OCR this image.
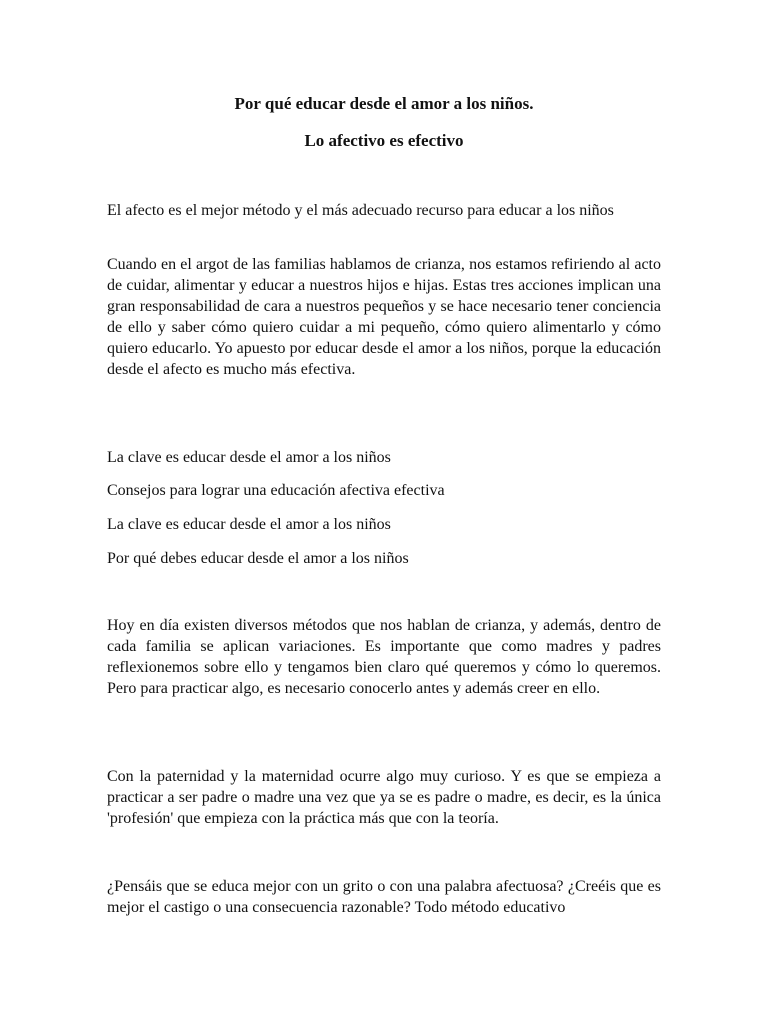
Por qué educar desde el amor a los niños.
Lo afectivo es efectivo

El afecto es el mejor método y el más adecuado recurso para educar a los niños

Cuando en el argot de las familias hablamos de crianza, nos estamos refiriendo al acto de cuidar, alimentar y educar a nuestros hijos e hijas. Estas tres acciones implican una gran responsabilidad de cara a nuestros pequeños y se hace necesario tener conciencia de ello y saber cómo quiero cuidar a mi pequeño, cómo quiero alimentarlo y cómo quiero educarlo. Yo apuesto por educar desde el amor a los niños, porque la educación desde el afecto es mucho más efectiva.

La clave es educar desde el amor a los niños

Consejos para lograr una educación afectiva efectiva

La clave es educar desde el amor a los niños

Por qué debes educar desde el amor a los niños

Hoy en día existen diversos métodos que nos hablan de crianza, y además, dentro de cada familia se aplican variaciones. Es importante que como madres y padres reflexionemos sobre ello y tengamos bien claro qué queremos y cómo lo queremos. Pero para practicar algo, es necesario conocerlo antes y además creer en ello.

Con la paternidad y la maternidad ocurre algo muy curioso. Y es que se empieza a practicar a ser padre o madre una vez que ya se es padre o madre, es decir, es la única 'profesión' que empieza con la práctica más que con la teoría.

¿Pensáis que se educa mejor con un grito o con una palabra afectuosa? ¿Creéis que es mejor el castigo o una consecuencia razonable? Todo método educativo
